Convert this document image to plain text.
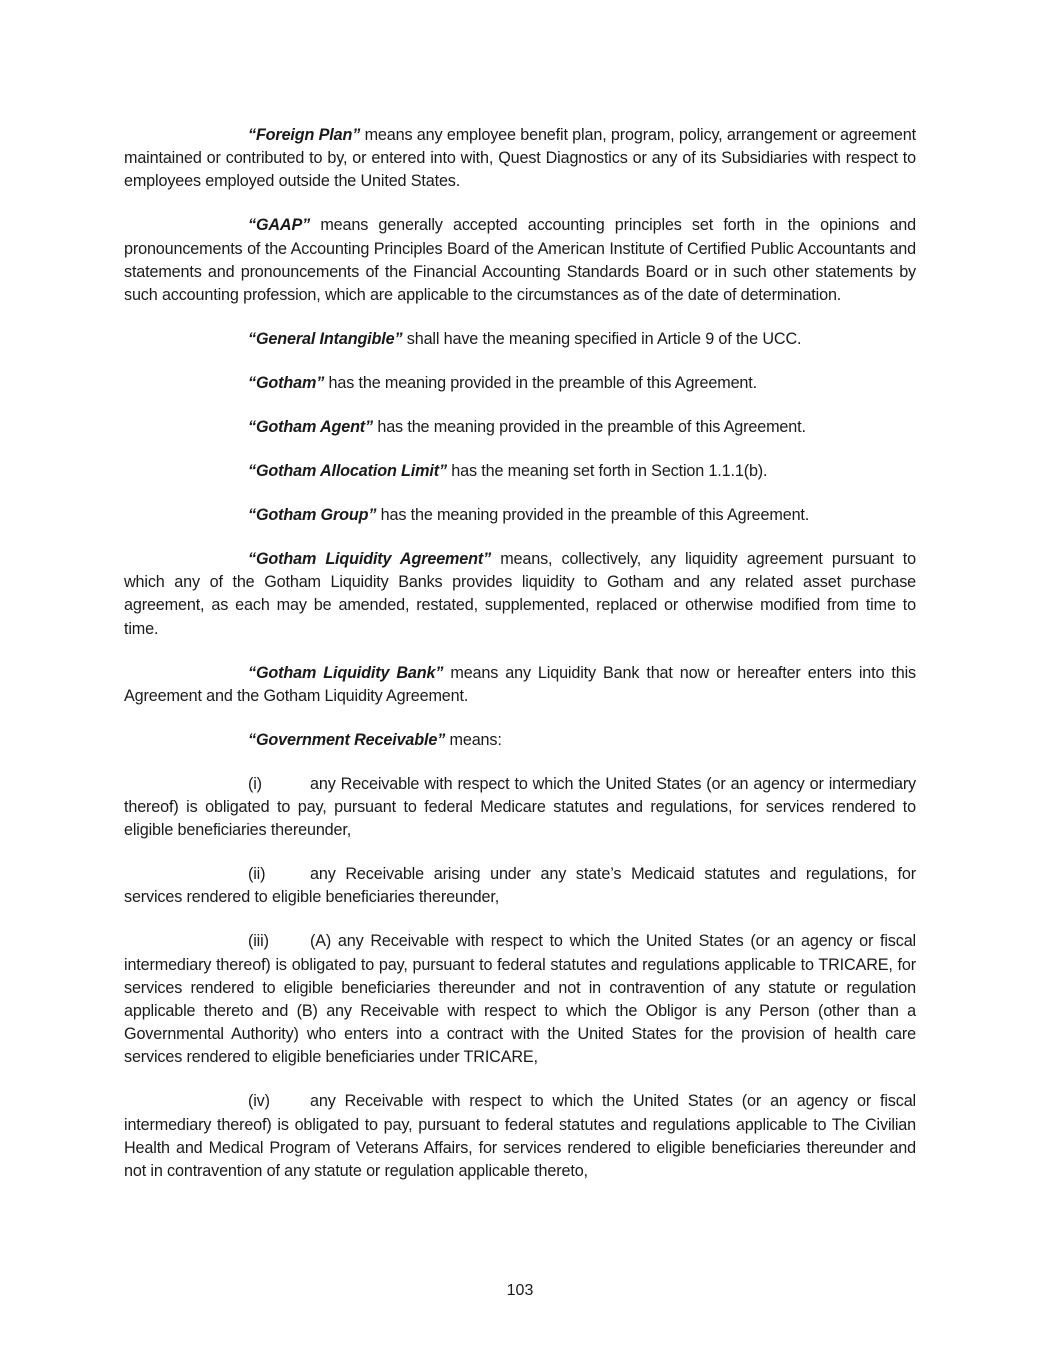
“Foreign Plan” means any employee benefit plan, program, policy, arrangement or agreement maintained or contributed to by, or entered into with, Quest Diagnostics or any of its Subsidiaries with respect to employees employed outside the United States.

“GAAP” means generally accepted accounting principles set forth in the opinions and pronouncements of the Accounting Principles Board of the American Institute of Certified Public Accountants and statements and pronouncements of the Financial Accounting Standards Board or in such other statements by such accounting profession, which are applicable to the circumstances as of the date of determination.

“General Intangible” shall have the meaning specified in Article 9 of the UCC.

“Gotham” has the meaning provided in the preamble of this Agreement.

“Gotham Agent” has the meaning provided in the preamble of this Agreement.

“Gotham Allocation Limit” has the meaning set forth in Section 1.1.1(b).

“Gotham Group” has the meaning provided in the preamble of this Agreement.

“Gotham Liquidity Agreement” means, collectively, any liquidity agreement pursuant to which any of the Gotham Liquidity Banks provides liquidity to Gotham and any related asset purchase agreement, as each may be amended, restated, supplemented, replaced or otherwise modified from time to time.

“Gotham Liquidity Bank” means any Liquidity Bank that now or hereafter enters into this Agreement and the Gotham Liquidity Agreement.

“Government Receivable” means:

(i)	any Receivable with respect to which the United States (or an agency or intermediary thereof) is obligated to pay, pursuant to federal Medicare statutes and regulations, for services rendered to eligible beneficiaries thereunder,

(ii)	any Receivable arising under any state’s Medicaid statutes and regulations, for services rendered to eligible beneficiaries thereunder,

(iii)	(A) any Receivable with respect to which the United States (or an agency or fiscal intermediary thereof) is obligated to pay, pursuant to federal statutes and regulations applicable to TRICARE, for services rendered to eligible beneficiaries thereunder and not in contravention of any statute or regulation applicable thereto and (B) any Receivable with respect to which the Obligor is any Person (other than a Governmental Authority) who enters into a contract with the United States for the provision of health care services rendered to eligible beneficiaries under TRICARE,

(iv) any Receivable with respect to which the United States (or an agency or fiscal intermediary thereof) is obligated to pay, pursuant to federal statutes and regulations applicable to The Civilian Health and Medical Program of Veterans Affairs, for services rendered to eligible beneficiaries thereunder and not in contravention of any statute or regulation applicable thereto,

103
